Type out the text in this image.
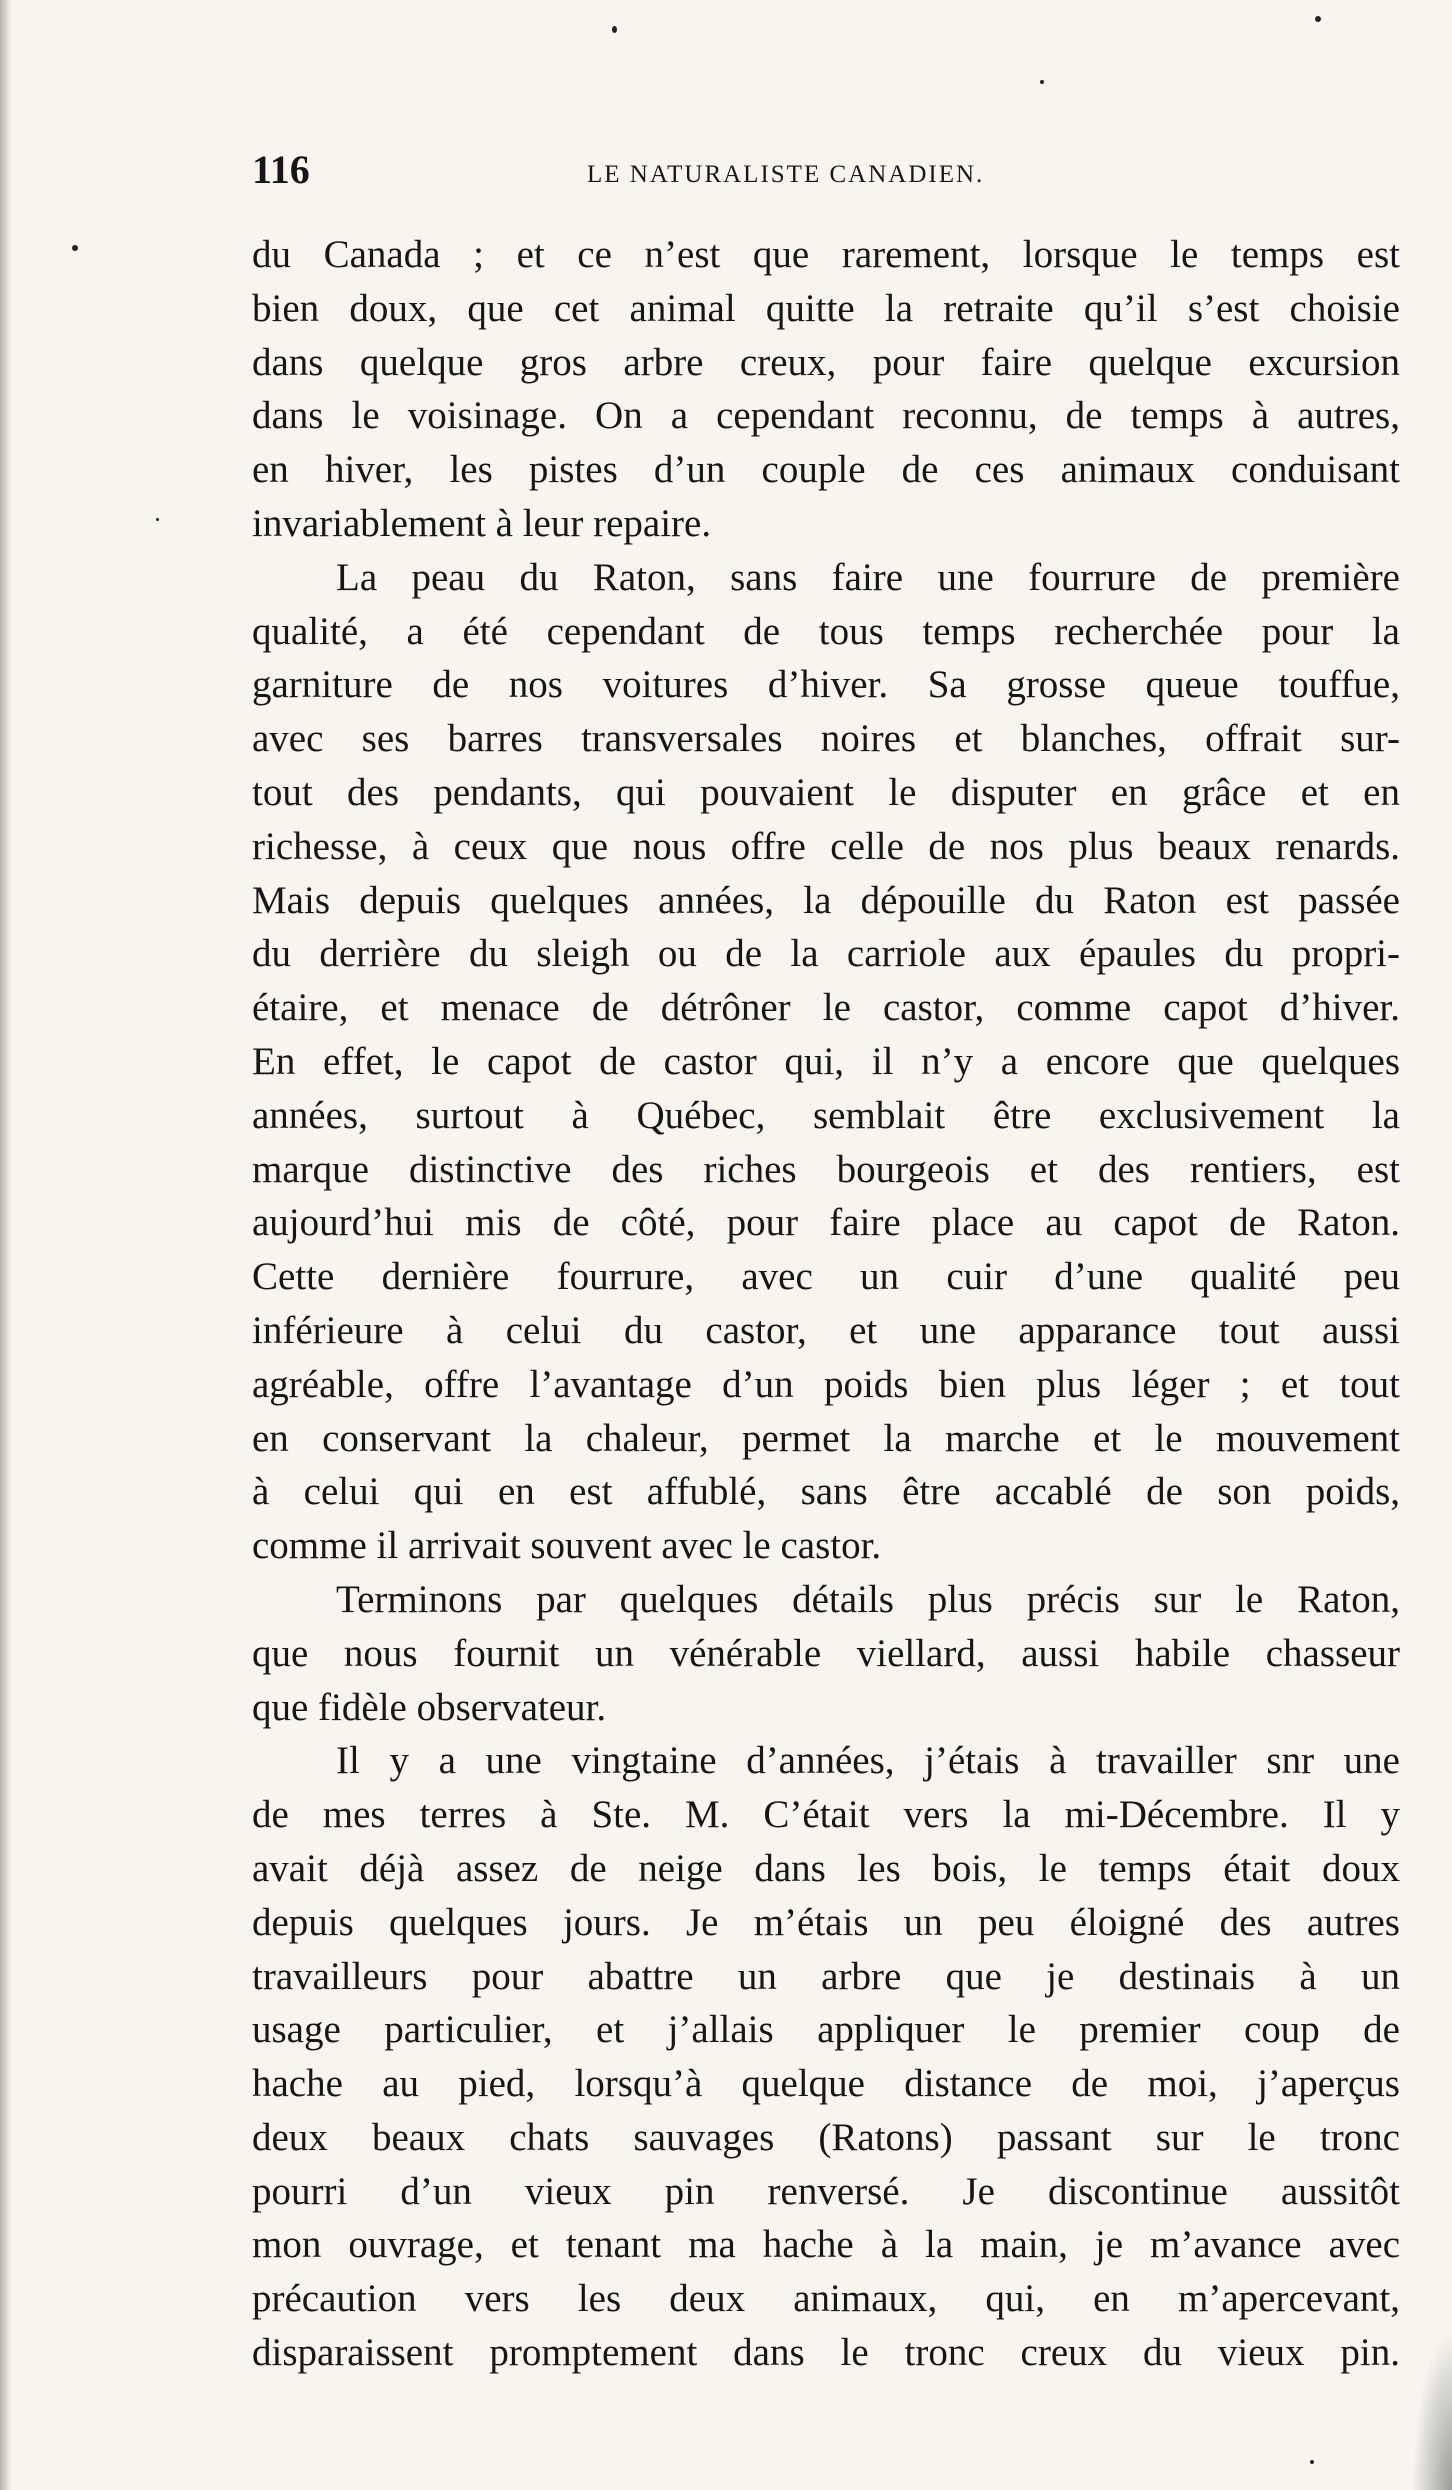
116	LE NATURALISTE CANADIEN.
du Canada ; et ce n’est que rarement, lorsque le temps est
bien doux, que cet animal quitte la retraite qu’il s’est choisie
dans quelque gros arbre creux, pour faire quelque excursion
dans le voisinage. On a cependant reconnu, de temps à autres,
en hiver, les pistes d’un couple de ces animaux conduisant
invariablement à leur repaire.
La peau du Raton, sans faire une fourrure de première
qualité, a été cependant de tous temps recherchée pour la
garniture de nos voitures d’hiver. Sa grosse queue touffue,
avec ses barres transversales noires et blanches, offrait sur-
tout des pendants, qui pouvaient le disputer en grâce et en
richesse, à ceux que nous offre celle de nos plus beaux renards.
Mais depuis quelques années, la dépouille du Raton est passée
du derrière du sleigh ou de la carriole aux épaules du propri-
étaire, et menace de détrôner le castor, comme capot d’hiver.
En effet, le capot de castor qui, il n’y a encore que quelques
années, surtout à Québec, semblait être exclusivement la
marque distinctive des riches bourgeois et des rentiers, est
aujourd’hui mis de côté, pour faire place au capot de Raton.
Cette dernière fourrure, avec un cuir d’une qualité peu
inférieure à celui du castor, et une apparance tout aussi
agréable, offre l’avantage d’un poids bien plus léger ; et tout
en conservant la chaleur, permet la marche et le mouvement
à celui qui en est affublé, sans être accablé de son poids,
comme il arrivait souvent avec le castor.
Terminons par quelques détails plus précis sur le Raton,
que nous fournit un vénérable viellard, aussi habile chasseur
que fidèle observateur.
Il y a une vingtaine d’années, j’étais à travailler snr une
de mes terres à Ste. M. C’était vers la mi-Décembre. Il y
avait déjà assez de neige dans les bois, le temps était doux
depuis quelques jours. Je m’étais un peu éloigné des autres
travailleurs pour abattre un arbre que je destinais à un
usage particulier, et j’allais appliquer le premier coup de
hache au pied, lorsqu’à quelque distance de moi, j’aperçus
deux beaux chats sauvages (Ratons) passant sur le tronc
pourri d’un vieux pin renversé. Je discontinue aussitôt
mon ouvrage, et tenant ma hache à la main, je m’avance avec
précaution vers les deux animaux, qui, en m’apercevant,
disparaissent promptement dans le tronc creux du vieux pin.
